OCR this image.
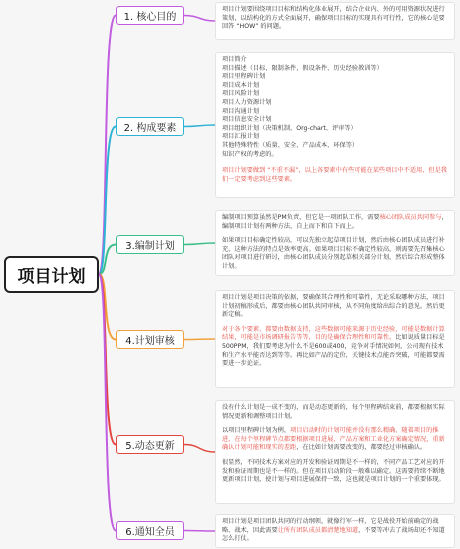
项目计划
1. 核心目的
2. 构成要素
3.编制计划
4.计划审核
5.动态更新
6.通知全员

项目计划要围绕项目目标和结构化体业展开，结合企业内、外的可用资源状况进行策划，以结构化的方式全面展开，确保项目目标的实现具有可行性，它的核心是要回答 “HOW” 的问题。

项目简介

项目描述（目标、限制条件、假设条件、历史经验教训等）

项目里程碑计划

项目成本计划

项目风险计划

项目人力资源计划

项目沟通计划

项目信息安全计划

项目组织计划（决策机制、Org-chart、评审等）

项目汇报计划

其他特殊特性（质量、安全、产品成本、环保等）

知识产权的考虑的。

项目计划要做到 “不重不漏”，以上各要素中有些可能在某些项目中不适用，但是我们一定要考虑到这些要素。

编制项目预算虽然是PM负责，但它是一项团队工作，需要核心团队成员共同参与，编制项目计划有两种方法，自上而下和自下而上。

如果项目目标确定性较高，可以先独立起草项目计划，然后由核心团队成员进行补充，这种方法的特点是效率更高。如果项目目标不确定性较高，则需要先召集核心团队对项目进行研讨，由核心团队成员分别起草相关部分计划，然后综合形成整体计划。

项目计划是项目决策的依据，要确保其合理性和可靠性，无论采取哪种方法，项目计划初稿形成后，都要由核心团队共同审核，从不同角度给出综合的意见。然后更新定稿。

对于各个要素，都要由数据支持，这些数据可能来源于历史经验，可能是数据计算结果，可能是市场调研报告等等，目的是确保合理性和可靠性。比如说质量目标是500PPM，我们要考虑为什么不是600或400，竞争对手情况如何，公司现有技术和生产水平能否达到等等。再比如产品的定价，关键技术点能否突破，可能都要需要进一步论证。

没有什么计划是一成不变的，而是动态更新的，每个里程碑结束前，都要根据实际情况更新和调整项目计划。

以项目里程碑计划为例，项目启动时的计划可能并没有那么精确，随着项目的推进，在每个里程碑节点都要根据项目进展、产品方案和工业化方案确定情况，重新确认计划可能和现实的差距，在比如计划需要改变的，都要经过审核确认。

很显然，不同技术方案对应的开发和验证周期是不一样的，不同产品工艺对应的开发和验证周期也是不一样的。但在项目启动阶段一般难以确定。这需要持续不断地更新项目计划，使计划与项目进展保持一致，这也就是项目计划的一个重要体现。

项目计划是项目团队共同的行动纲领，就像行军一样，它是战役开始前确定的战略、战术，因此需要让所有团队成员都清楚地知道，不要等冲去了战场却还不知道怎么打仗。
